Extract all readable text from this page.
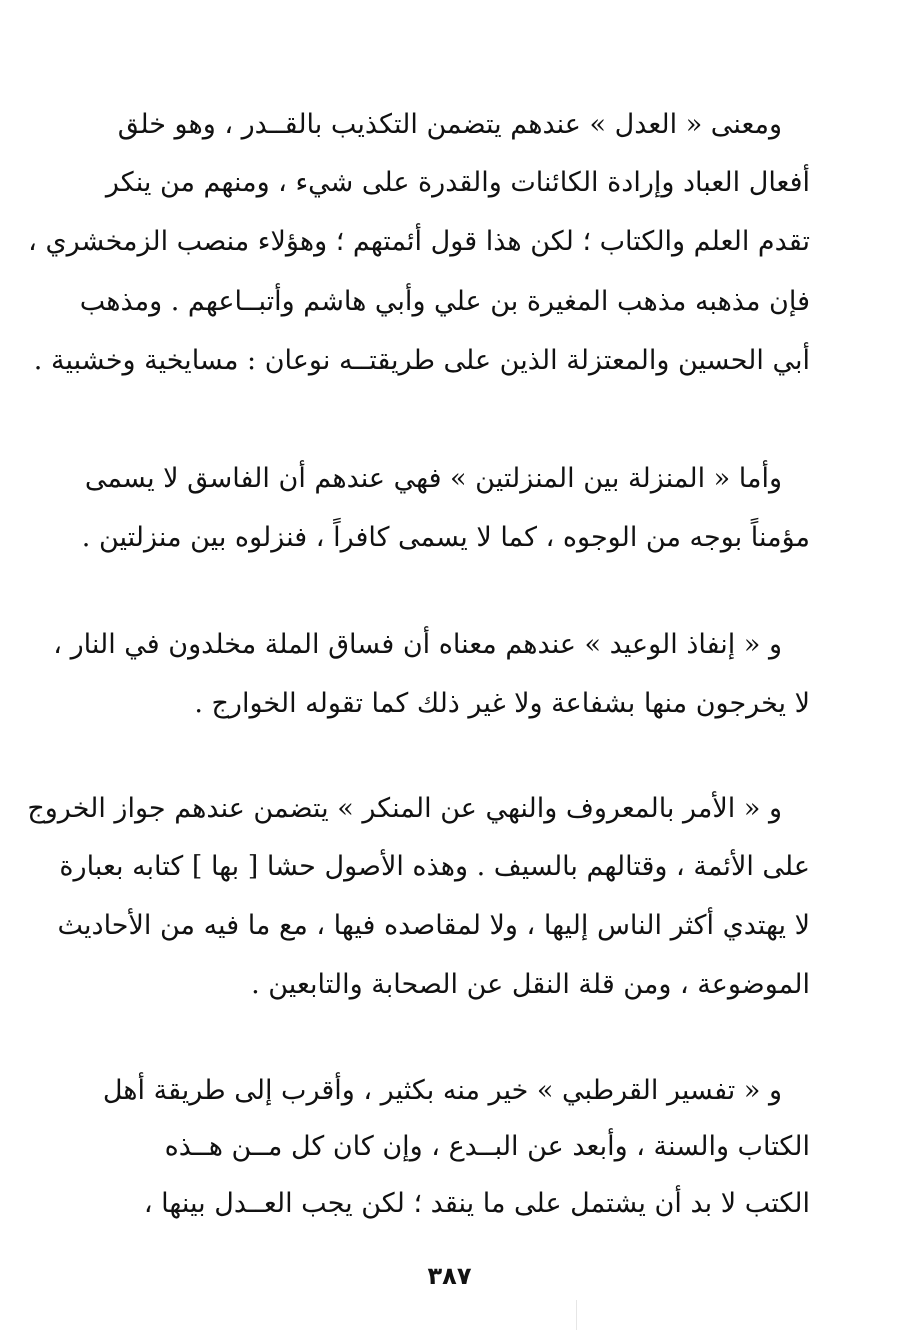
ومعنى « العدل » عندهم يتضمن التكذيب بالقــدر ، وهو خلق
أفعال العباد وإرادة الكائنات والقدرة على شيء ، ومنهم من ينكر
تقدم العلم والكتاب ؛ لكن هذا قول أئمتهم ؛ وهؤلاء منصب الزمخشري ،
فإن مذهبه مذهب المغيرة بن علي وأبي هاشم وأتبــاعهم . ومذهب
أبي الحسين والمعتزلة الذين على طريقتــه نوعان : مسايخية وخشبية .
وأما « المنزلة بين المنزلتين » فهي عندهم أن الفاسق لا يسمى
مؤمناً بوجه من الوجوه ، كما لا يسمى كافراً ، فنزلوه بين منزلتين .
و « إنفاذ الوعيد » عندهم معناه أن فساق الملة مخلدون في النار ،
لا يخرجون منها بشفاعة ولا غير ذلك كما تقوله الخوارج .
و « الأمر بالمعروف والنهي عن المنكر » يتضمن عندهم جواز الخروج
على الأئمة ، وقتالهم بالسيف . وهذه الأصول حشا [ بها ] كتابه بعبارة
لا يهتدي أكثر الناس إليها ، ولا لمقاصده فيها ، مع ما فيه من الأحاديث
الموضوعة ، ومن قلة النقل عن الصحابة والتابعين .
و « تفسير القرطبي » خير منه بكثير ، وأقرب إلى طريقة أهل
الكتاب والسنة ، وأبعد عن البــدع ، وإن كان كل مــن هــذه
الكتب لا بد أن يشتمل على ما ينقد ؛ لكن يجب العــدل بينها ،
٣٨٧
